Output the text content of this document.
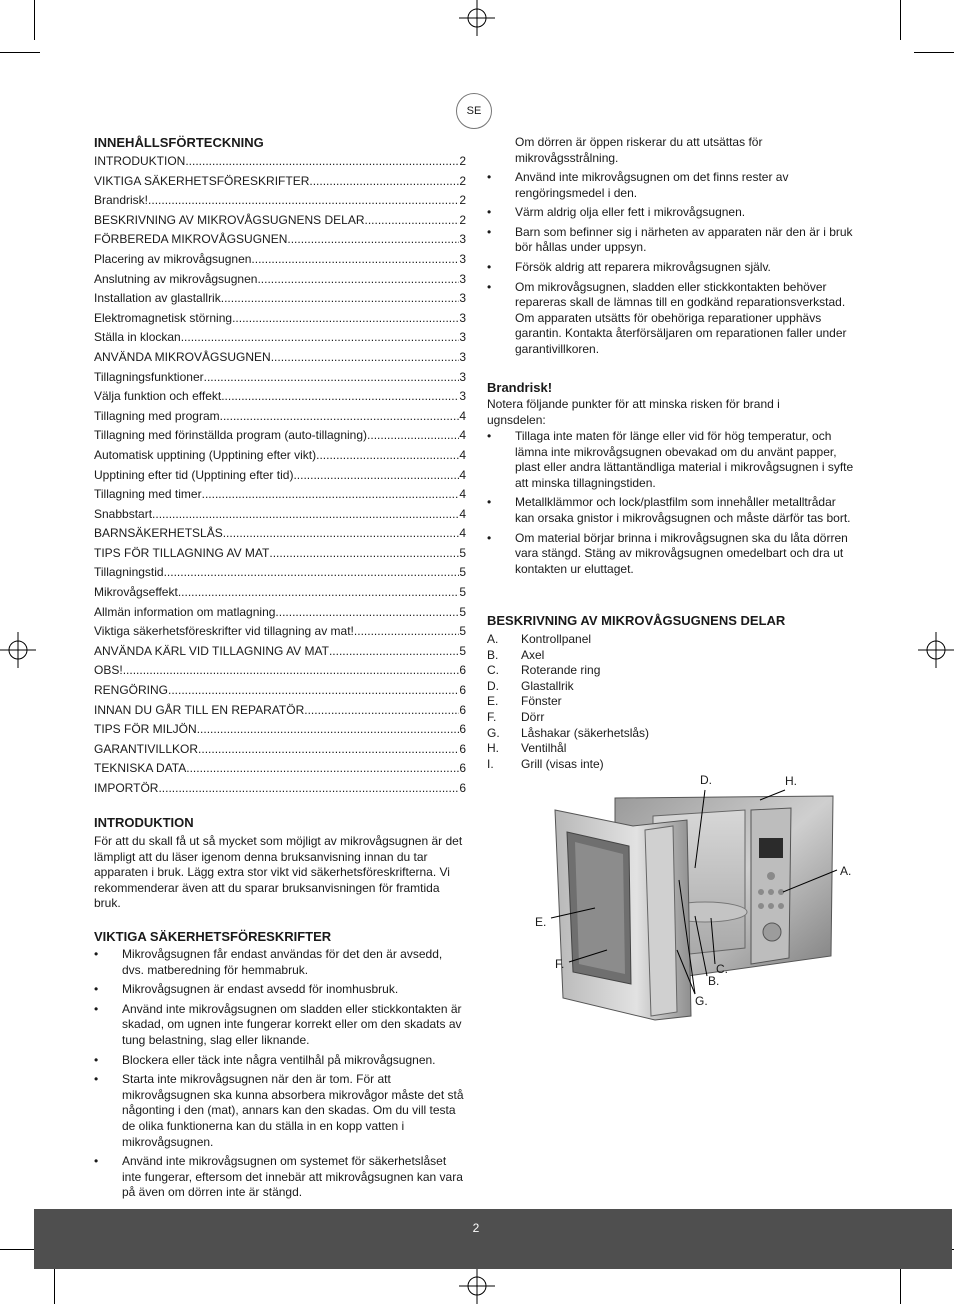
SE
INNEHÅLLSFÖRTECKNING
INTRODUKTION .....	2
VIKTIGA SÄKERHETSFÖRESKRIFTER .....	2
Brandrisk! .....	2
BESKRIVNING AV MIKROVÅGSUGNENS DELAR .....	2
FÖRBEREDA MIKROVÅGSUGNEN .....	3
Placering av mikrovågsugnen .....	3
Anslutning av mikrovågsugnen .....	3
Installation av glastallrik .....	3
Elektromagnetisk störning .....	3
Ställa in klockan .....	3
ANVÄNDA MIKROVÅGSUGNEN .....	3
Tillagningsfunktioner .....	3
Välja funktion och effekt .....	3
Tillagning med program .....	4
Tillagning med förinställda program (auto-tillagning) .....	4
Automatisk upptining (Upptining efter vikt) .....	4
Upptining efter tid (Upptining efter tid) .....	4
Tillagning med timer .....	4
Snabbstart .....	4
BARNSÄKERHETSLÅS .....	4
TIPS FÖR TILLAGNING AV MAT .....	5
Tillagningstid .....	5
Mikrovågseffekt .....	5
Allmän information om matlagning .....	5
Viktiga säkerhetsföreskrifter vid tillagning av mat! .....	5
ANVÄNDA KÄRL VID TILLAGNING AV MAT .....	5
OBS! .....	6
RENGÖRING .....	6
INNAN DU GÅR TILL EN REPARATÖR .....	6
TIPS FÖR MILJÖN .....	6
GARANTIVILLKOR .....	6
TEKNISKA DATA .....	6
IMPORTÖR .....	6
INTRODUKTION
För att du skall få ut så mycket som möjligt av mikrovågsugnen är det lämpligt att du läser igenom denna bruksanvisning innan du tar apparaten i bruk. Lägg extra stor vikt vid säkerhetsföreskrifterna. Vi rekommenderar även att du sparar bruksanvisningen för framtida bruk.
VIKTIGA SÄKERHETSFÖRESKRIFTER
• Mikrovågsugnen får endast användas för det den är avsedd, dvs. matberedning för hemmabruk.
• Mikrovågsugnen är endast avsedd för inomhusbruk.
• Använd inte mikrovågsugnen om sladden eller stickkontakten är skadad, om ugnen inte fungerar korrekt eller om den skadats av tung belastning, slag eller liknande.
• Blockera eller täck inte några ventilhål på mikrovågsugnen.
• Starta inte mikrovågsugnen när den är tom. För att mikrovågsugnen ska kunna absorbera mikrovågor måste det stå någonting i den (mat), annars kan den skadas. Om du vill testa de olika funktionerna kan du ställa in en kopp vatten i mikrovågsugnen.
• Använd inte mikrovågsugnen om systemet för säkerhetslåset inte fungerar, eftersom det innebär att mikrovågsugnen kan vara på även om dörren inte är stängd.
Om dörren är öppen riskerar du att utsättas för mikrovågsstrålning.
• Använd inte mikrovågsugnen om det finns rester av rengöringsmedel i den.
• Värm aldrig olja eller fett i mikrovågsugnen.
• Barn som befinner sig i närheten av apparaten när den är i bruk bör hållas under uppsyn.
• Försök aldrig att reparera mikrovågsugnen själv.
• Om mikrovågsugnen, sladden eller stickkontakten behöver repareras skall de lämnas till en godkänd reparationsverkstad. Om apparaten utsätts för obehöriga reparationer upphävs garantin. Kontakta återförsäljaren om reparationen faller under garantivillkoren.
Brandrisk!
Notera följande punkter för att minska risken för brand i ugnsdelen:
• Tillaga inte maten för länge eller vid för hög temperatur, och lämna inte mikrovågsugnen obevakad om du använt papper, plast eller andra lättantändliga material i mikrovågsugnen i syfte att minska tillagningstiden.
• Metallklämmor och lock/plastfilm som innehåller metalltrådar kan orsaka gnistor i mikrovågsugnen och måste därför tas bort.
• Om material börjar brinna i mikrovågsugnen ska du låta dörren vara stängd. Stäng av mikrovågsugnen omedelbart och dra ut kontakten ur eluttaget.
BESKRIVNING AV MIKROVÅGSUGNENS DELAR
A.	Kontrollpanel
B.	Axel
C.	Roterande ring
D.	Glastallrik
E.	Fönster
F.	Dörr
G.	Låshakar (säkerhetslås)
H.	Ventilhål
I.	Grill (visas inte)
D.	H.
A.
E.
F.	C.
B.
G.
2
